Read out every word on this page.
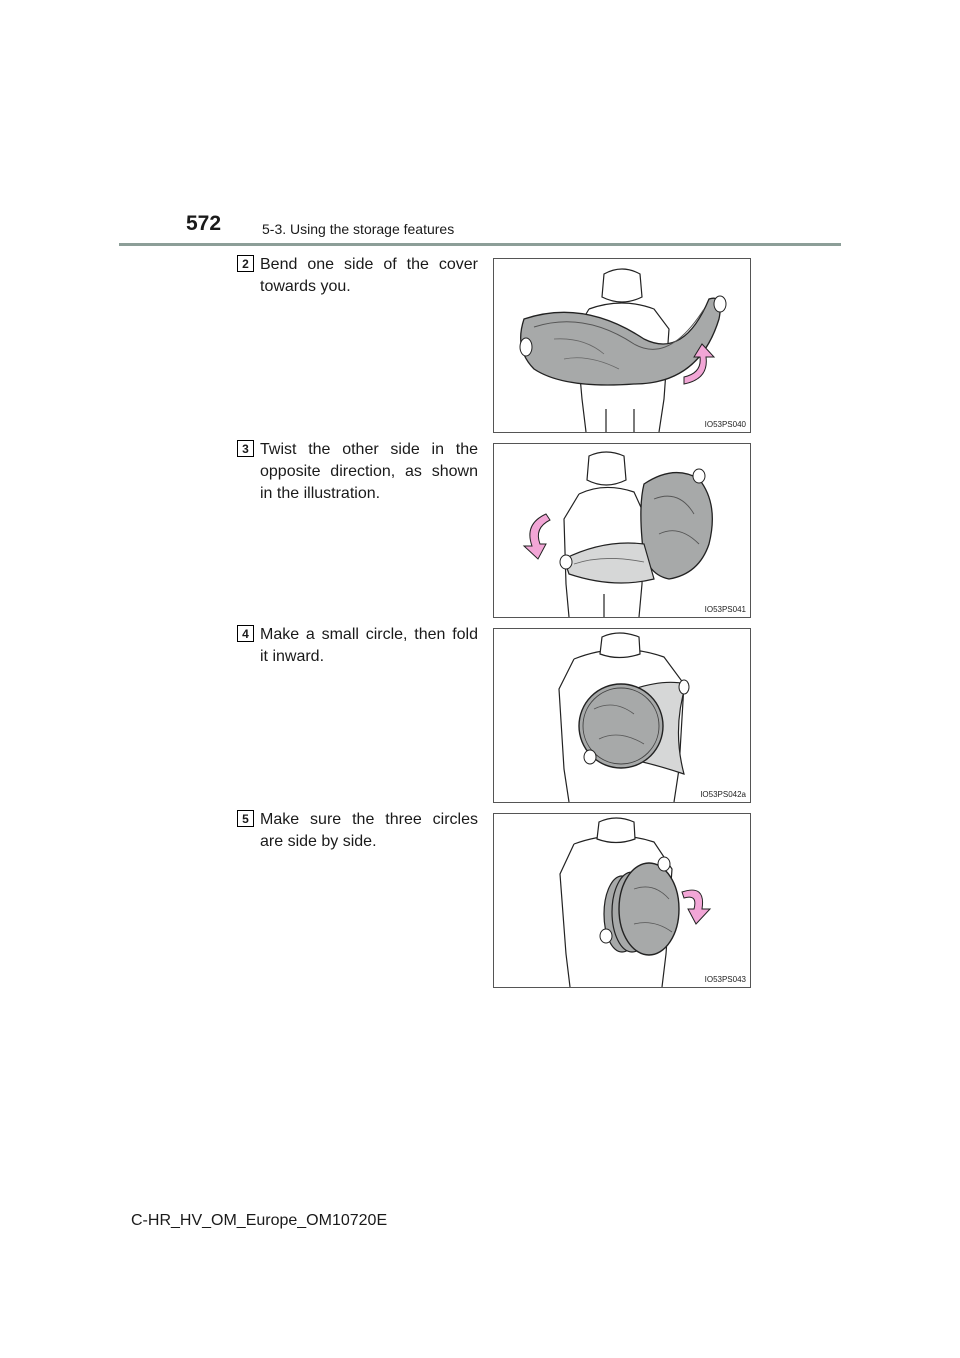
572	5-3. Using the storage features
2 Bend one side of the cover towards you.
IO53PS040
3 Twist the other side in the opposite direction, as shown in the illustration.
IO53PS041
4 Make a small circle, then fold it inward.
IO53PS042a
5 Make sure the three circles are side by side.
IO53PS043
C-HR_HV_OM_Europe_OM10720E
